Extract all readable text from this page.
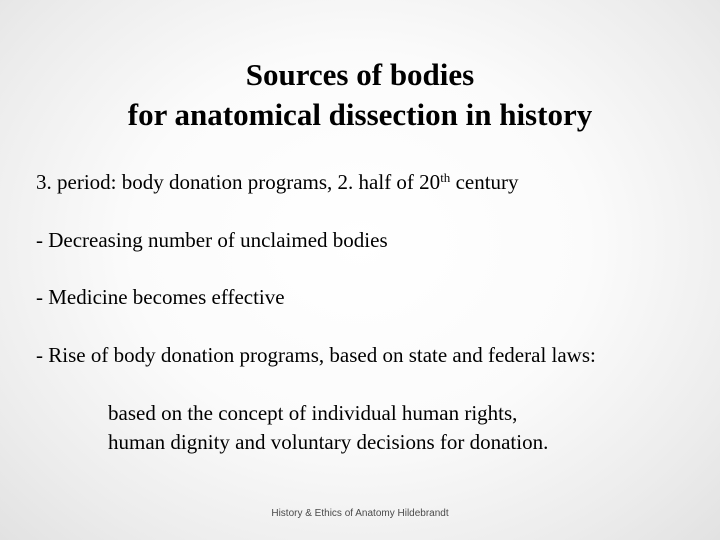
Sources of bodies
for anatomical dissection in history
3. period: body donation programs, 2. half of 20th century
- Decreasing number of unclaimed bodies
- Medicine becomes effective
- Rise of body donation programs, based on state and federal laws:
based on the concept of individual human rights,
human dignity and voluntary decisions for donation.
History & Ethics of Anatomy Hildebrandt
